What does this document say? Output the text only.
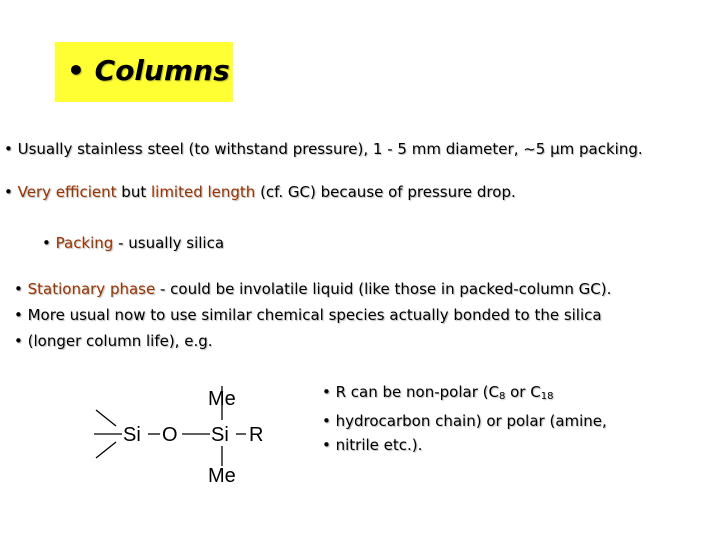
• Columns
• Usually stainless steel (to withstand pressure), 1 - 5 mm diameter, ~5 μm packing.
• Very efficient but limited length (cf. GC) because of pressure drop.
• Packing - usually silica
• Stationary phase - could be involatile liquid (like those in packed-column GC).
• More usual now to use similar chemical species actually bonded to the silica
• (longer column life), e.g.
Si O Si R
Me
Me
• R can be non-polar ($C_8$ or $C_{18}$
• hydrocarbon chain) or polar (amine,
• nitrile etc.).
